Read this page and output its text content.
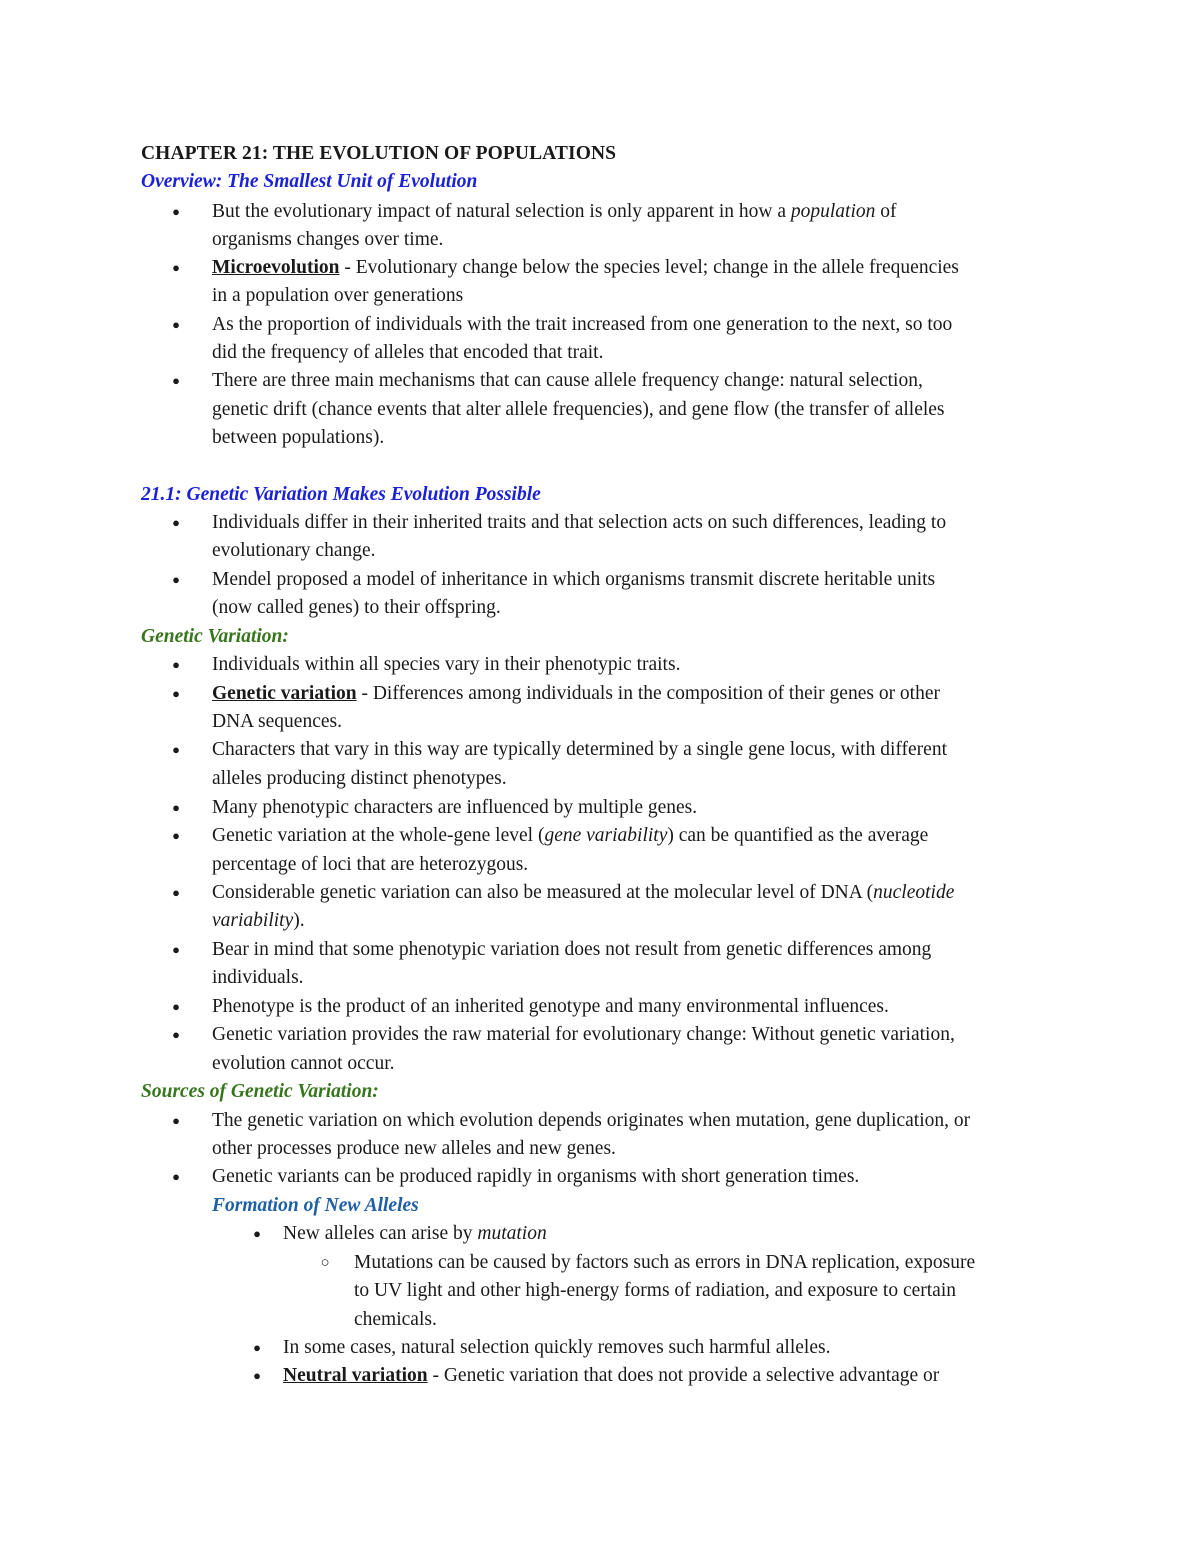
CHAPTER 21: THE EVOLUTION OF POPULATIONS
Overview: The Smallest Unit of Evolution
● But the evolutionary impact of natural selection is only apparent in how a population of
organisms changes over time.
● Microevolution - Evolutionary change below the species level; change in the allele frequencies
in a population over generations
● As the proportion of individuals with the trait increased from one generation to the next, so too
did the frequency of alleles that encoded that trait.
● There are three main mechanisms that can cause allele frequency change: natural selection,
genetic drift (chance events that alter allele frequencies), and gene flow (the transfer of alleles
between populations).
21.1: Genetic Variation Makes Evolution Possible
● Individuals differ in their inherited traits and that selection acts on such differences, leading to
evolutionary change.
● Mendel proposed a model of inheritance in which organisms transmit discrete heritable units
(now called genes) to their offspring.
Genetic Variation:
● Individuals within all species vary in their phenotypic traits.
● Genetic variation - Differences among individuals in the composition of their genes or other
DNA sequences.
● Characters that vary in this way are typically determined by a single gene locus, with different
alleles producing distinct phenotypes.
● Many phenotypic characters are influenced by multiple genes.
● Genetic variation at the whole-gene level (gene variability) can be quantified as the average
percentage of loci that are heterozygous.
● Considerable genetic variation can also be measured at the molecular level of DNA (nucleotide
variability).
● Bear in mind that some phenotypic variation does not result from genetic differences among
individuals.
● Phenotype is the product of an inherited genotype and many environmental influences.
● Genetic variation provides the raw material for evolutionary change: Without genetic variation,
evolution cannot occur.
Sources of Genetic Variation:
● The genetic variation on which evolution depends originates when mutation, gene duplication, or
other processes produce new alleles and new genes.
● Genetic variants can be produced rapidly in organisms with short generation times.
Formation of New Alleles
● New alleles can arise by mutation
○ Mutations can be caused by factors such as errors in DNA replication, exposure
to UV light and other high-energy forms of radiation, and exposure to certain
chemicals.
● In some cases, natural selection quickly removes such harmful alleles.
● Neutral variation - Genetic variation that does not provide a selective advantage or
